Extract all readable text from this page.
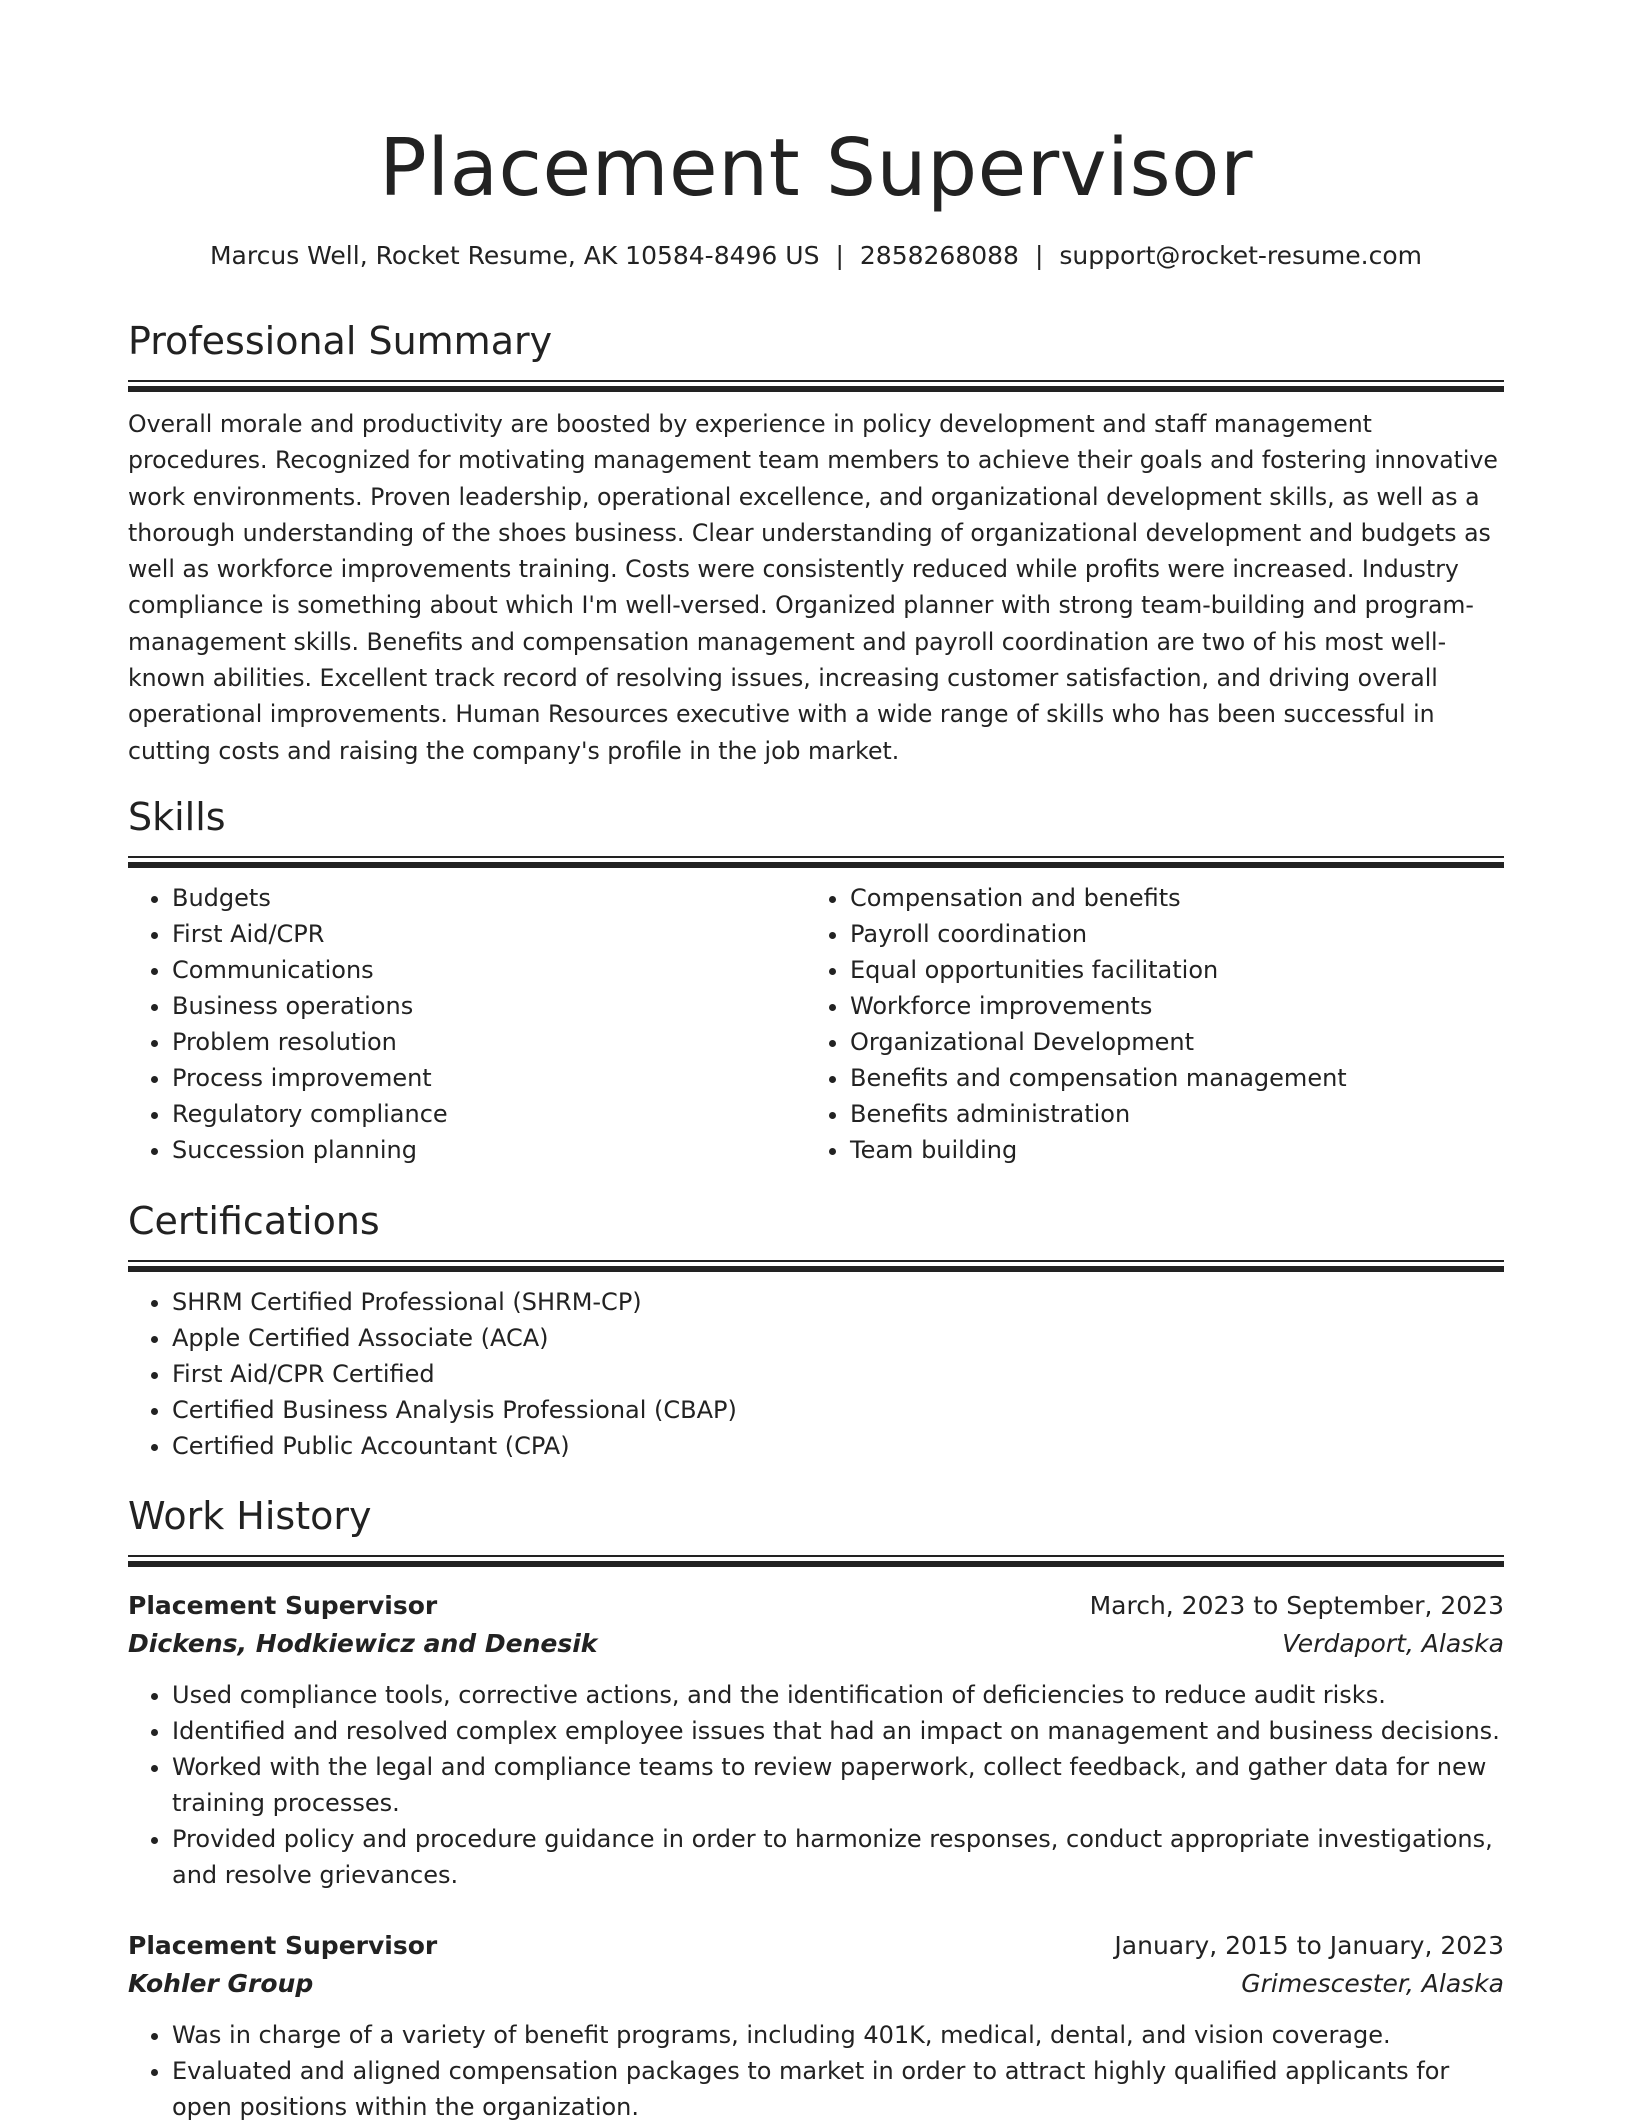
Placement Supervisor
Marcus Well, Rocket Resume, AK 10584-8496 US | 2858268088 | support@rocket-resume.com
Professional Summary

Overall morale and productivity are boosted by experience in policy development and staff management procedures. Recognized for motivating management team members to achieve their goals and fostering innovative work environments. Proven leadership, operational excellence, and organizational development skills, as well as a thorough understanding of the shoes business. Clear understanding of organizational development and budgets as well as workforce improvements training. Costs were consistently reduced while profits were increased. Industry compliance is something about which I'm well-versed. Organized planner with strong team-building and program-management skills. Benefits and compensation management and payroll coordination are two of his most well-known abilities. Excellent track record of resolving issues, increasing customer satisfaction, and driving overall operational improvements. Human Resources executive with a wide range of skills who has been successful in cutting costs and raising the company's profile in the job market.

Skills
• Budgets
• First Aid/CPR
• Communications
• Business operations
• Problem resolution
• Process improvement
• Regulatory compliance
• Succession planning
• Compensation and benefits
• Payroll coordination
• Equal opportunities facilitation
• Workforce improvements
• Organizational Development
• Benefits and compensation management
• Benefits administration
• Team building
Certifications
• SHRM Certified Professional (SHRM-CP)
• Apple Certified Associate (ACA)
• First Aid/CPR Certified
• Certified Business Analysis Professional (CBAP)
• Certified Public Accountant (CPA)
Work History
Placement Supervisor	March, 2023 to September, 2023
Dickens, Hodkiewicz and Denesik	Verdaport, Alaska
• Used compliance tools, corrective actions, and the identification of deficiencies to reduce audit risks.
• Identified and resolved complex employee issues that had an impact on management and business decisions.
• Worked with the legal and compliance teams to review paperwork, collect feedback, and gather data for new training processes.
• Provided policy and procedure guidance in order to harmonize responses, conduct appropriate investigations, and resolve grievances.
Placement Supervisor	January, 2015 to January, 2023
Kohler Group	Grimescester, Alaska
• Was in charge of a variety of benefit programs, including 401K, medical, dental, and vision coverage.
• Evaluated and aligned compensation packages to market in order to attract highly qualified applicants for open positions within the organization.
